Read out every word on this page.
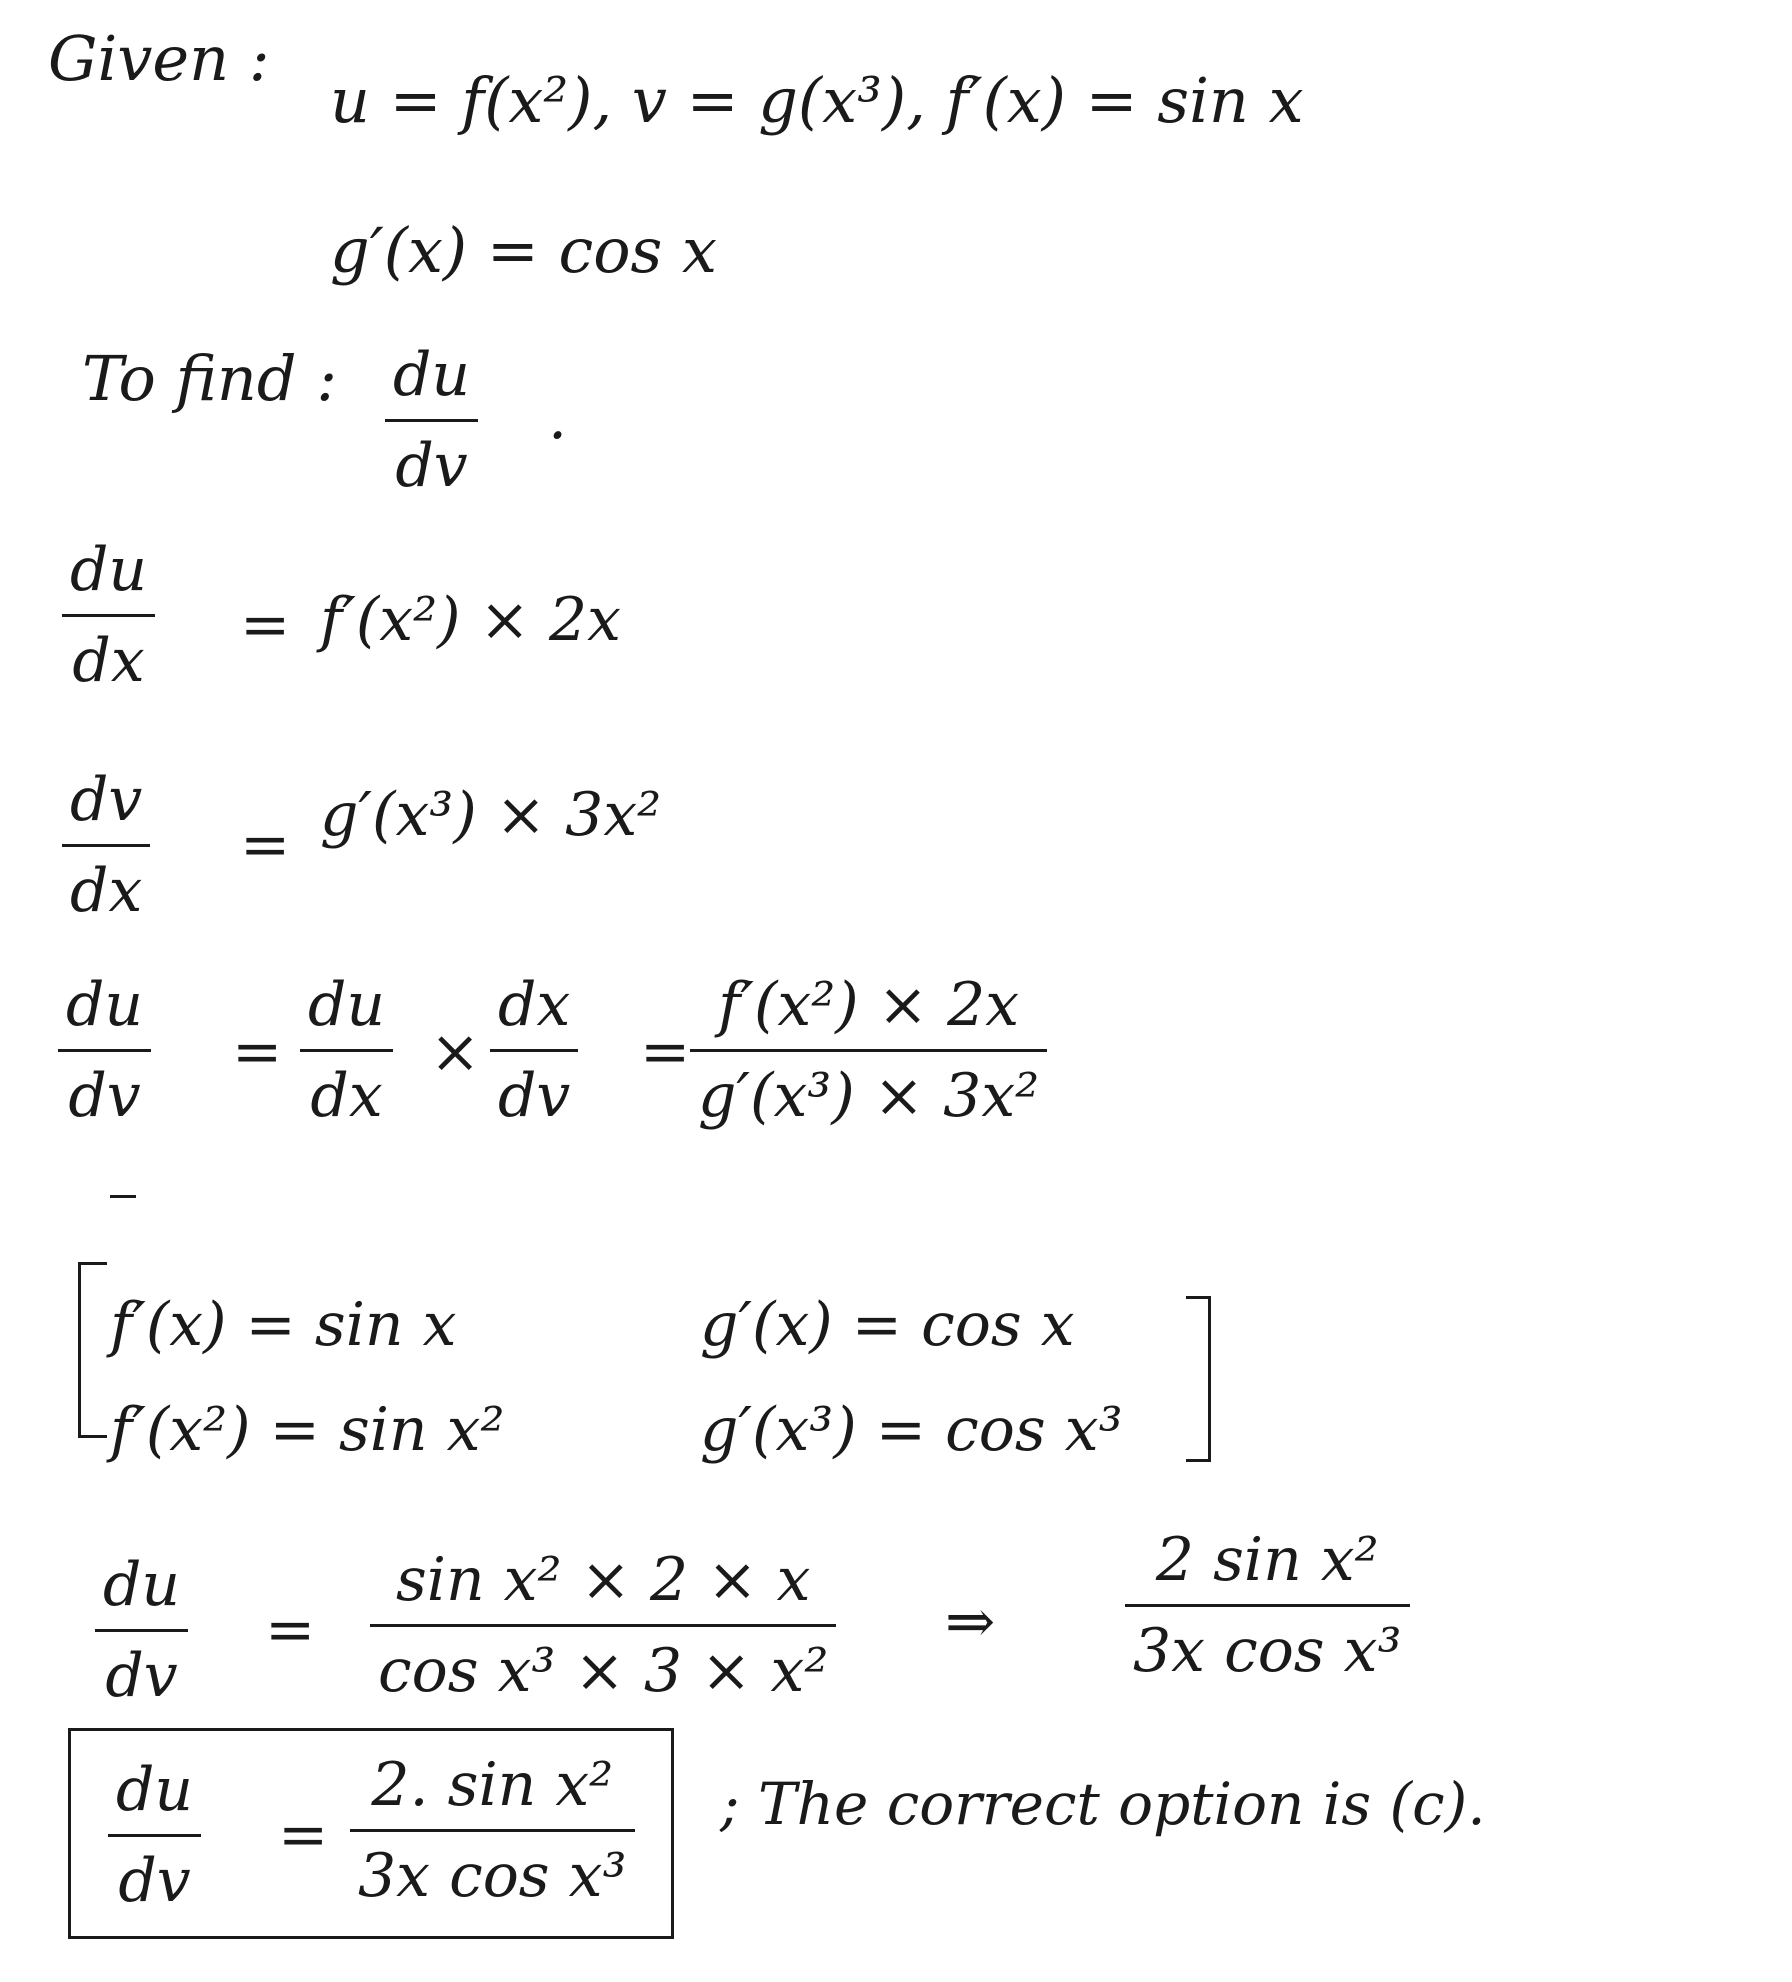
Given :
u = f(x²), v = g(x³), f′(x) = sin x
g′(x) = cos x
To find : $\frac{du}{dv}$ .
$\frac{du}{dx} = f'(x^2) \times 2x$
$\frac{dv}{dx} = g'(x^3) \times 3x^2$
$\frac{du}{dv} = \frac{du}{dx} \times \frac{dx}{dv} = \frac{\text{f′(x²) × 2x}}{\text{g′(x³) × 3x²}}$
f′(x) = sin x	g′(x) = cos x
f′(x²) = sin x²	g′(x³) = cos x³
$\frac{du}{dv} = \frac{\text{sin x² × 2 × x}}{\text{cos x³ × 3 × x²}}$ ⇒ $\frac{\text{2 sin x²}}{\text{3x cos x³}}$
$\frac{du}{dv} = \frac{\text{2. sin x²}}{\text{3x cos x³}}$ ; The correct option is (c).
